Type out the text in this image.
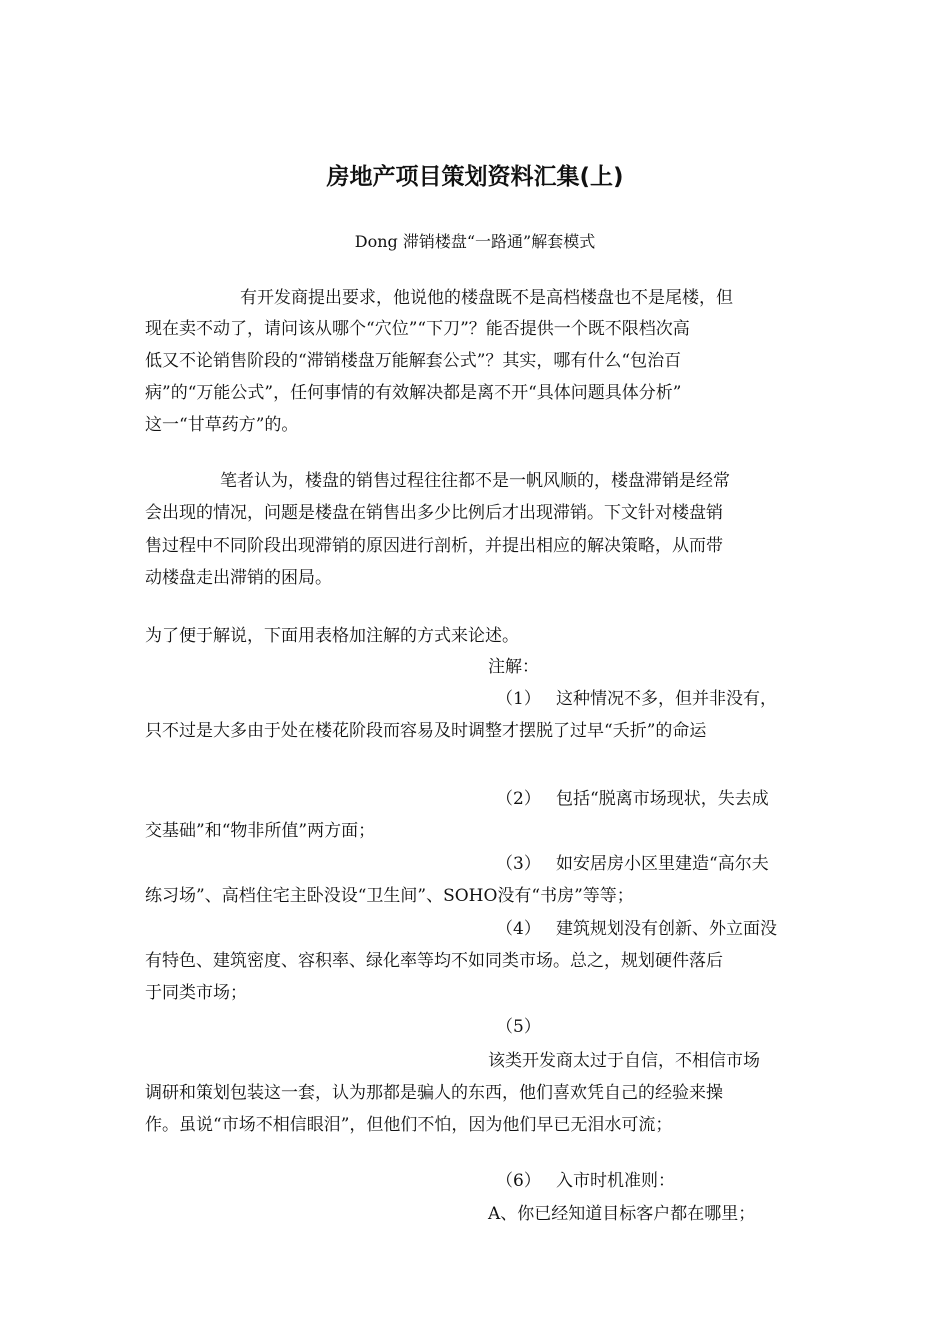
房地产项目策划资料汇集(上)
Dong 滞销楼盘“一路通”解套模式
有开发商提出要求，他说他的楼盘既不是高档楼盘也不是尾楼，但
现在卖不动了，请问该从哪个“穴位”“下刀”？能否提供一个既不限档次高
低又不论销售阶段的“滞销楼盘万能解套公式”？其实，哪有什么“包治百
病”的“万能公式”，任何事情的有效解决都是离不开“具体问题具体分析”
这一“甘草药方”的。
笔者认为，楼盘的销售过程往往都不是一帆风顺的，楼盘滞销是经常
会出现的情况，问题是楼盘在销售出多少比例后才出现滞销。下文针对楼盘销
售过程中不同阶段出现滞销的原因进行剖析，并提出相应的解决策略，从而带
动楼盘走出滞销的困局。
为了便于解说，下面用表格加注解的方式来论述。
注解：
（1） 这种情况不多，但并非没有，
只不过是大多由于处在楼花阶段而容易及时调整才摆脱了过早“夭折”的命运
（2） 包括“脱离市场现状，失去成
交基础”和“物非所值”两方面；
（3） 如安居房小区里建造“高尔夫
练习场”、高档住宅主卧没设“卫生间”、SOHO没有“书房”等等；
（4） 建筑规划没有创新、外立面没
有特色、建筑密度、容积率、绿化率等均不如同类市场。总之，规划硬件落后
于同类市场；
（5）
该类开发商太过于自信，不相信市场
调研和策划包装这一套，认为那都是骗人的东西，他们喜欢凭自己的经验来操
作。虽说“市场不相信眼泪”，但他们不怕，因为他们早已无泪水可流；
（6） 入市时机准则：
A、你已经知道目标客户都在哪里；
